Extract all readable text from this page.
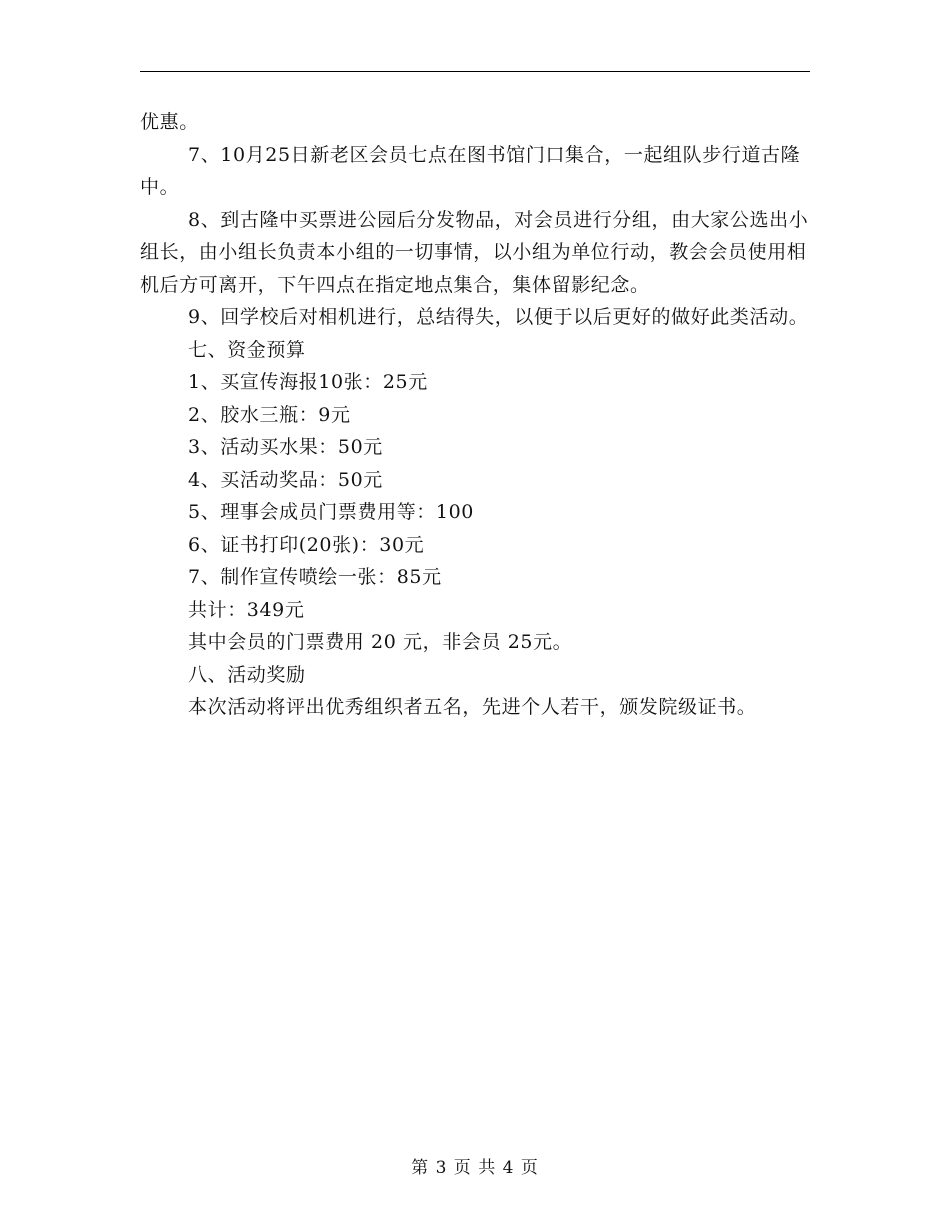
优惠。

7、10月25日新老区会员七点在图书馆门口集合，一起组队步行道古隆中。

8、到古隆中买票进公园后分发物品，对会员进行分组，由大家公选出小组长，由小组长负责本小组的一切事情，以小组为单位行动，教会会员使用相机后方可离开，下午四点在指定地点集合，集体留影纪念。

9、回学校后对相机进行，总结得失，以便于以后更好的做好此类活动。

七、资金预算

1、买宣传海报10张：25元

2、胶水三瓶：9元

3、活动买水果：50元

4、买活动奖品：50元

5、理事会成员门票费用等：100

6、证书打印(20张)：30元

7、制作宣传喷绘一张：85元

共计：349元

其中会员的门票费用 20 元，非会员 25元。

八、活动奖励

本次活动将评出优秀组织者五名，先进个人若干，颁发院级证书。

第 3 页 共 4 页
